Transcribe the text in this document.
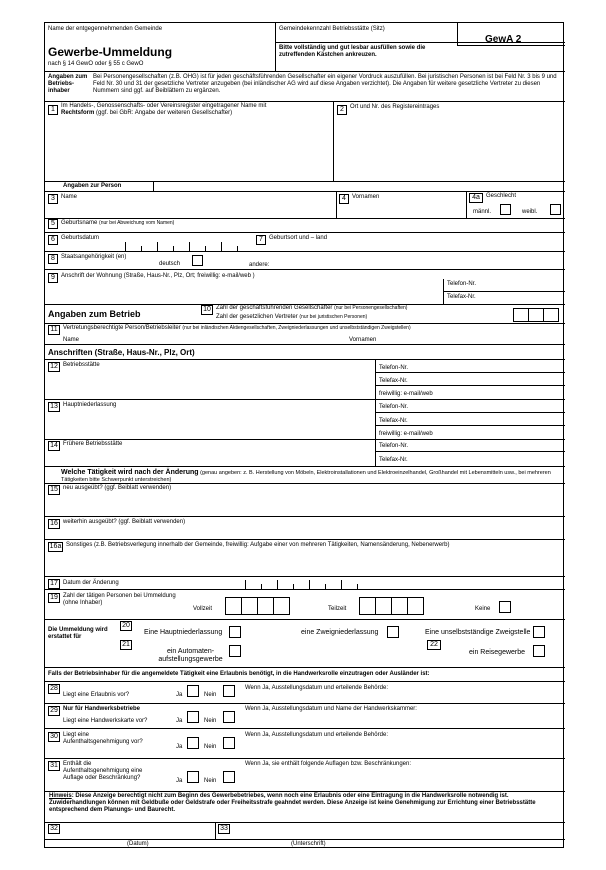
Name der entgegennehmenden Gemeinde
Gewerbe-Ummeldung
nach § 14 GewO oder § 55 c GewO
Gemeindekennzahl Betriebsstätte (Sitz)
GewA 2
Bitte vollständig und gut lesbar ausfüllen sowie die zutreffenden Kästchen ankreuzen.
Angaben zum Betriebs-inhaber
Bei Personengesellschaften (z.B. OHG) ist für jeden geschäftsführenden Gesellschafter ein eigener Vordruck auszufüllen. Bei juristischen Personen ist bei Feld Nr. 3 bis 9 und Feld Nr. 30 und 31 der gesetzliche Vertreter anzugeben (bei inländischer AG wird auf diese Angaben verzichtet). Die Angaben für weitere gesetzliche Vertreter zu diesen Nummern sind ggf. auf Beiblättern zu ergänzen.
1	Im Handels-, Genossenschafts- oder Vereinsregister eingetragener Name mit
Rechtsform (ggf. bei GbR: Angabe der weiteren Gesellschafter)	2	Ort und Nr. des Registereintrages
Angaben zur Person
3	Name	4	Vornamen	4a	Geschlecht
männl.	weibl.
5	Geburtsname (nur bei Abweichung vom Namen)
6	Geburtsdatum	7	Geburtsort und – land
8	Staatsangehörigkeit (en)
deutsch	andere:
9	Anschrift der Wohnung (Straße, Haus-Nr., Plz, Ort; freiwillig: e-mail/web )
Telefon-Nr.
Telefax-Nr.
Angaben zum Betrieb	10 Zahl der geschäftsführenden Gesellschafter (nur bei Personengesellschaften)
Zahl der gesetzlichen Vertreter (nur bei juristischen Personen)
11 Vertretungsberechtigte Person/Betriebsleiter (nur bei inländischen Aktiengesellschaften, Zweigniederlassungen und unselbstständigen Zweigstellen)
Name	Vornamen
Anschriften (Straße, Haus-Nr., Plz, Ort)
12 Betriebsstätte	Telefon-Nr.
Telefax-Nr.
freiwillig: e-mail/web
13 Hauptniederlassung	Telefon-Nr.
Telefax-Nr.
freiwillig: e-mail/web
14 Frühere Betriebsstätte	Telefon-Nr.
Telefax-Nr.
Welche Tätigkeit wird nach der Änderung (genau angeben: z. B. Herstellung von Möbeln, Elektroinstallationen und Elektroeinzelhandel, Großhandel mit Lebensmitteln usw., bei mehreren Tätigkeiten bitte Schwerpunkt unterstreichen)
15 neu ausgeübt? (ggf. Beiblatt verwenden)
16 weiterhin ausgeübt? (ggf. Beiblatt verwenden)
16a Sonstiges (z.B. Betriebsverlegung innerhalb der Gemeinde, freiwillig: Aufgabe einer von mehreren Tätigkeiten, Namensänderung, Nebenerwerb)
17 Datum der Änderung
19 Zahl der tätigen Personen bei Ummeldung (ohne Inhaber)
Vollzeit	Teilzeit	Keine
Die Ummeldung wird erstattet für
20
Eine Hauptniederlassung	eine Zweigniederlassung	Eine unselbstständige Zweigstelle
21
ein Automaten-aufstellungsgewerbe
22
ein Reisegewerbe
Falls der Betriebsinhaber für die angemeldete Tätigkeit eine Erlaubnis benötigt, in die Handwerksrolle einzutragen oder Ausländer ist:
28
Liegt eine Erlaubnis vor?	Ja	Nein
Wenn Ja, Ausstellungsdatum und erteilende Behörde:
29 Nur für Handwerksbetriebe
Liegt eine Handwerkskarte vor?	Ja	Nein
Wenn Ja, Ausstellungsdatum und Name der Handwerkskammer:
30 Liegt eine Aufenthaltsgenehmigung vor?
Ja	Nein
Wenn Ja, Ausstellungsdatum und erteilende Behörde:
31 Enthält die Aufenthaltsgenehmigung eine Auflage oder Beschränkung?	Ja	Nein
Wenn Ja, sie enthält folgende Auflagen bzw. Beschränkungen:
Hinweis: Diese Anzeige berechtigt nicht zum Beginn des Gewerbebetriebes, wenn noch eine Erlaubnis oder eine Eintragung in die Handwerksrolle notwendig ist. Zuwiderhandlungen können mit Geldbuße oder Geldstrafe oder Freiheitsstrafe geahndet werden. Diese Anzeige ist keine Genehmigung zur Errichtung einer Betriebsstätte entsprechend dem Planungs- und Baurecht.
32	33
(Datum)	(Unterschrift)
